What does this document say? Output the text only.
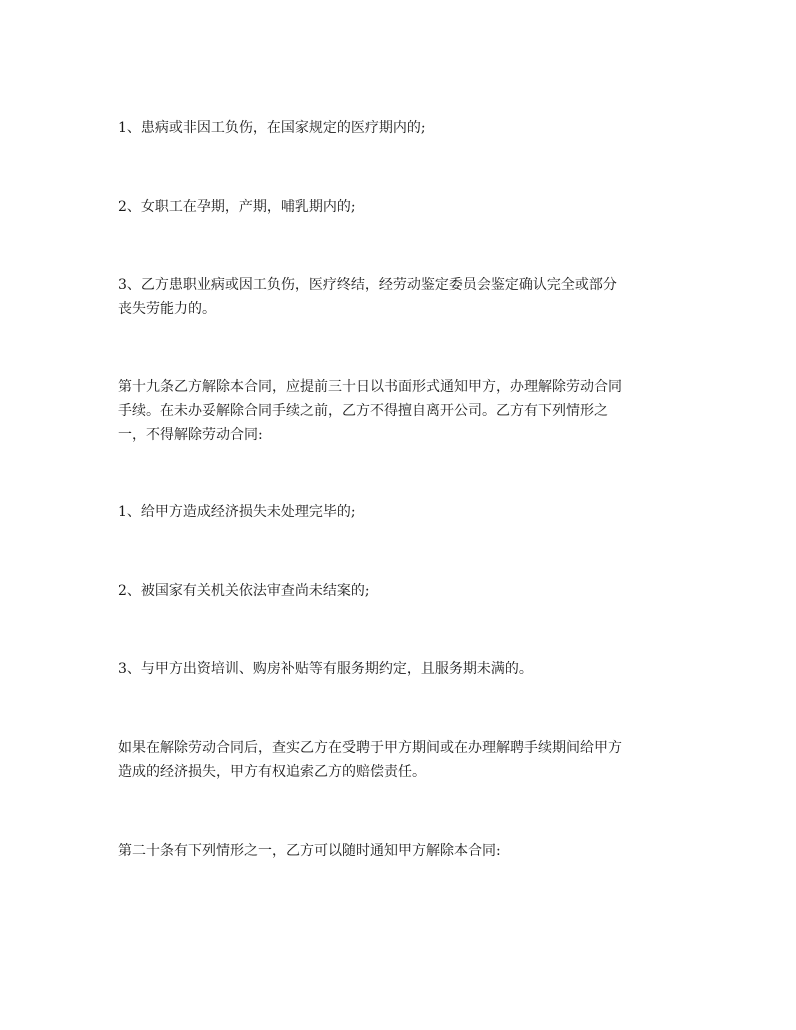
1、患病或非因工负伤，在国家规定的医疗期内的;

2、女职工在孕期，产期，哺乳期内的;

3、乙方患职业病或因工负伤，医疗终结，经劳动鉴定委员会鉴定确认完全或部分
丧失劳能力的。

第十九条乙方解除本合同，应提前三十日以书面形式通知甲方，办理解除劳动合同
手续。在未办妥解除合同手续之前，乙方不得擅自离开公司。乙方有下列情形之
一，不得解除劳动合同:

1、给甲方造成经济损失未处理完毕的;

2、被国家有关机关依法审查尚未结案的;

3、与甲方出资培训、购房补贴等有服务期约定，且服务期未满的。

如果在解除劳动合同后，查实乙方在受聘于甲方期间或在办理解聘手续期间给甲方
造成的经济损失，甲方有权追索乙方的赔偿责任。

第二十条有下列情形之一，乙方可以随时通知甲方解除本合同:
